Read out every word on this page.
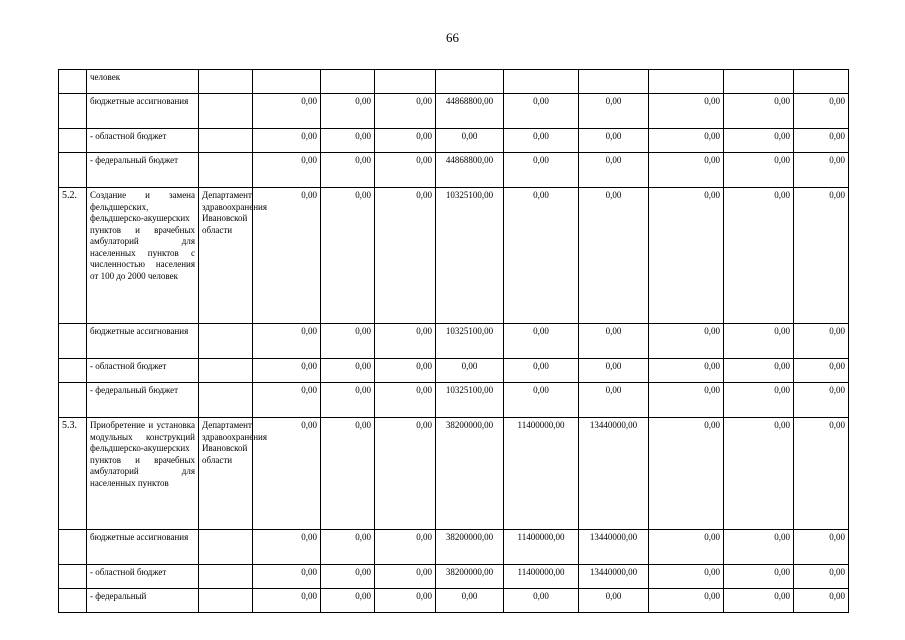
66
	человек										
	бюджетные ассигнования		0,00	0,00	0,00	44868800,00	0,00	0,00	0,00	0,00	0,00
	- областной бюджет		0,00	0,00	0,00	0,00	0,00	0,00	0,00	0,00	0,00
	- федеральный бюджет		0,00	0,00	0,00	44868800,00	0,00	0,00	0,00	0,00	0,00
5.2.	Создание и замена фельдшерских, фельдшерско-акушерских пунктов и врачебных амбулаторий для населенных пунктов с численностью населения от 100 до 2000 человек	Департамент здравоохранения Ивановской области	0,00	0,00	0,00	10325100,00	0,00	0,00	0,00	0,00	0,00
	бюджетные ассигнования		0,00	0,00	0,00	10325100,00	0,00	0,00	0,00	0,00	0,00
	- областной бюджет		0,00	0,00	0,00	0,00	0,00	0,00	0,00	0,00	0,00
	- федеральный бюджет		0,00	0,00	0,00	10325100,00	0,00	0,00	0,00	0,00	0,00
5.3.	Приобретение и установка модульных конструкций фельдшерско-акушерских пунктов и врачебных амбулаторий для населенных пунктов	Департамент здравоохранения Ивановской области	0,00	0,00	0,00	38200000,00	11400000,00	13440000,00	0,00	0,00	0,00
	бюджетные ассигнования		0,00	0,00	0,00	38200000,00	11400000,00	13440000,00	0,00	0,00	0,00
	- областной бюджет		0,00	0,00	0,00	38200000,00	11400000,00	13440000,00	0,00	0,00	0,00
	- федеральный		0,00	0,00	0,00	0,00	0,00	0,00	0,00	0,00	0,00
